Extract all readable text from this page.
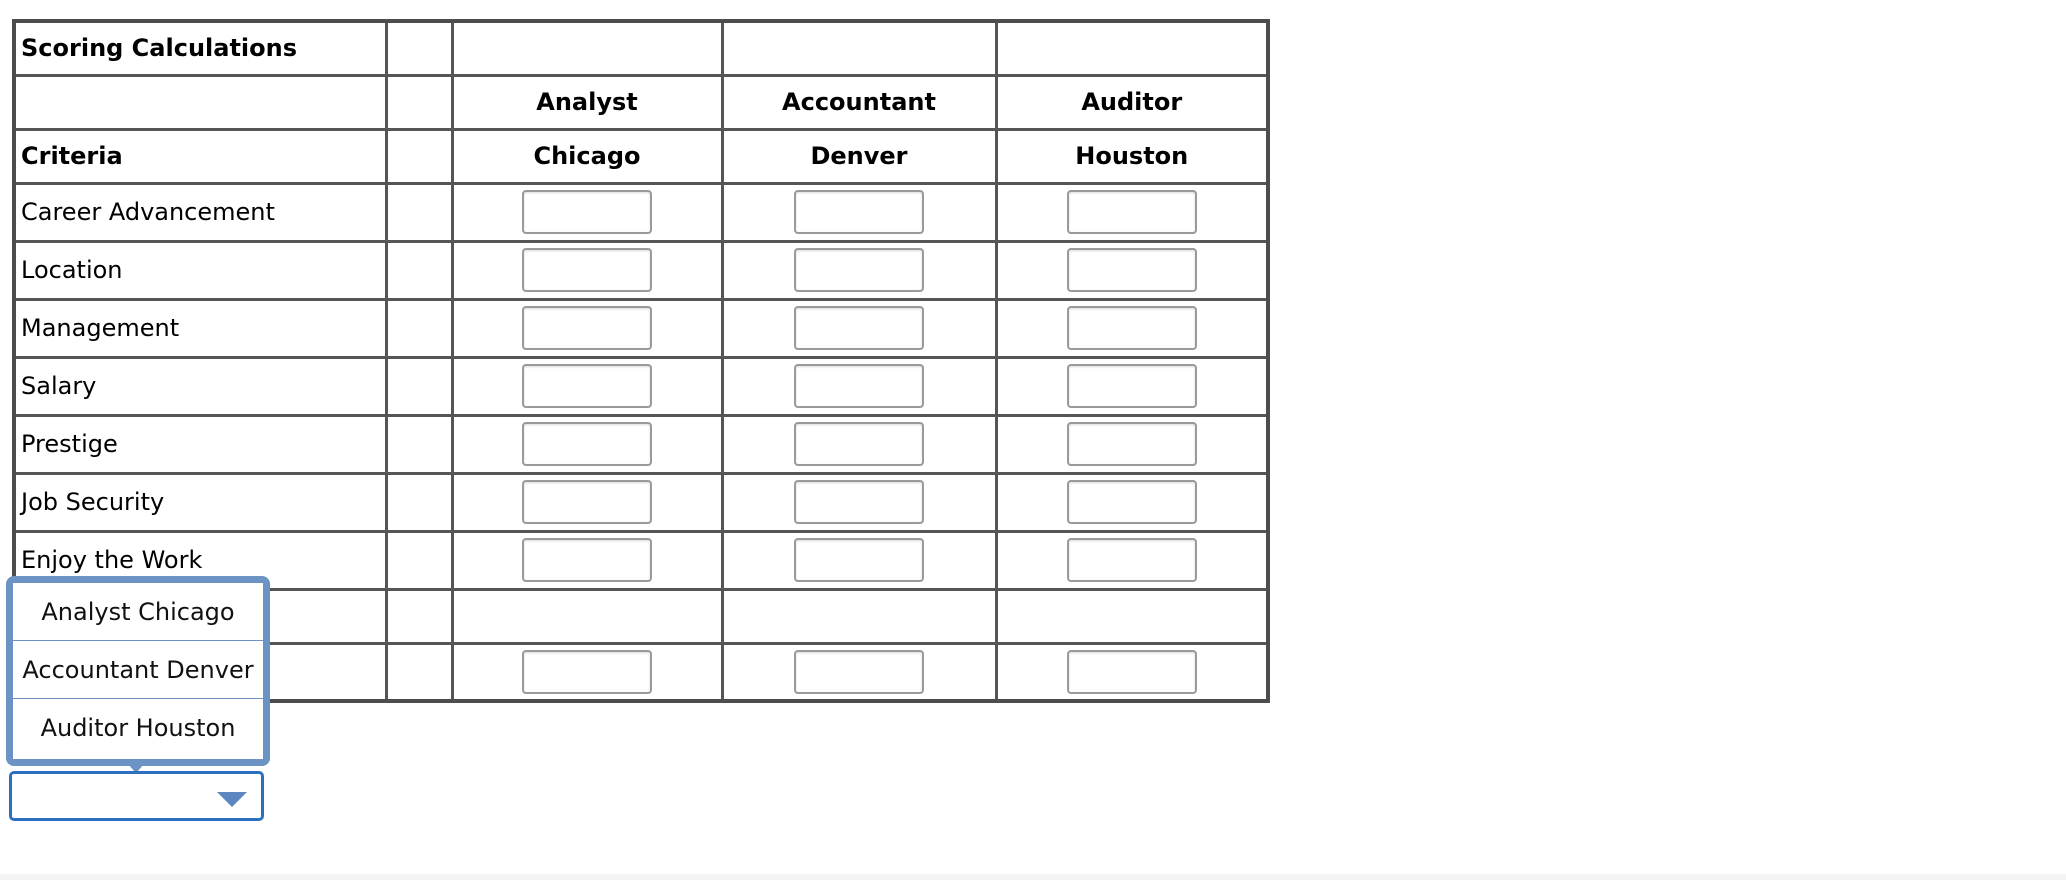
Scoring Calculations				
		Analyst	Accountant	Auditor
Criteria		Chicago	Denver	Houston
Career Advancement		

Location		

Management		

Salary		

Prestige		

Job Security		

Enjoy the Work		

Analyst Chicago
Accountant Denver
Auditor Houston
